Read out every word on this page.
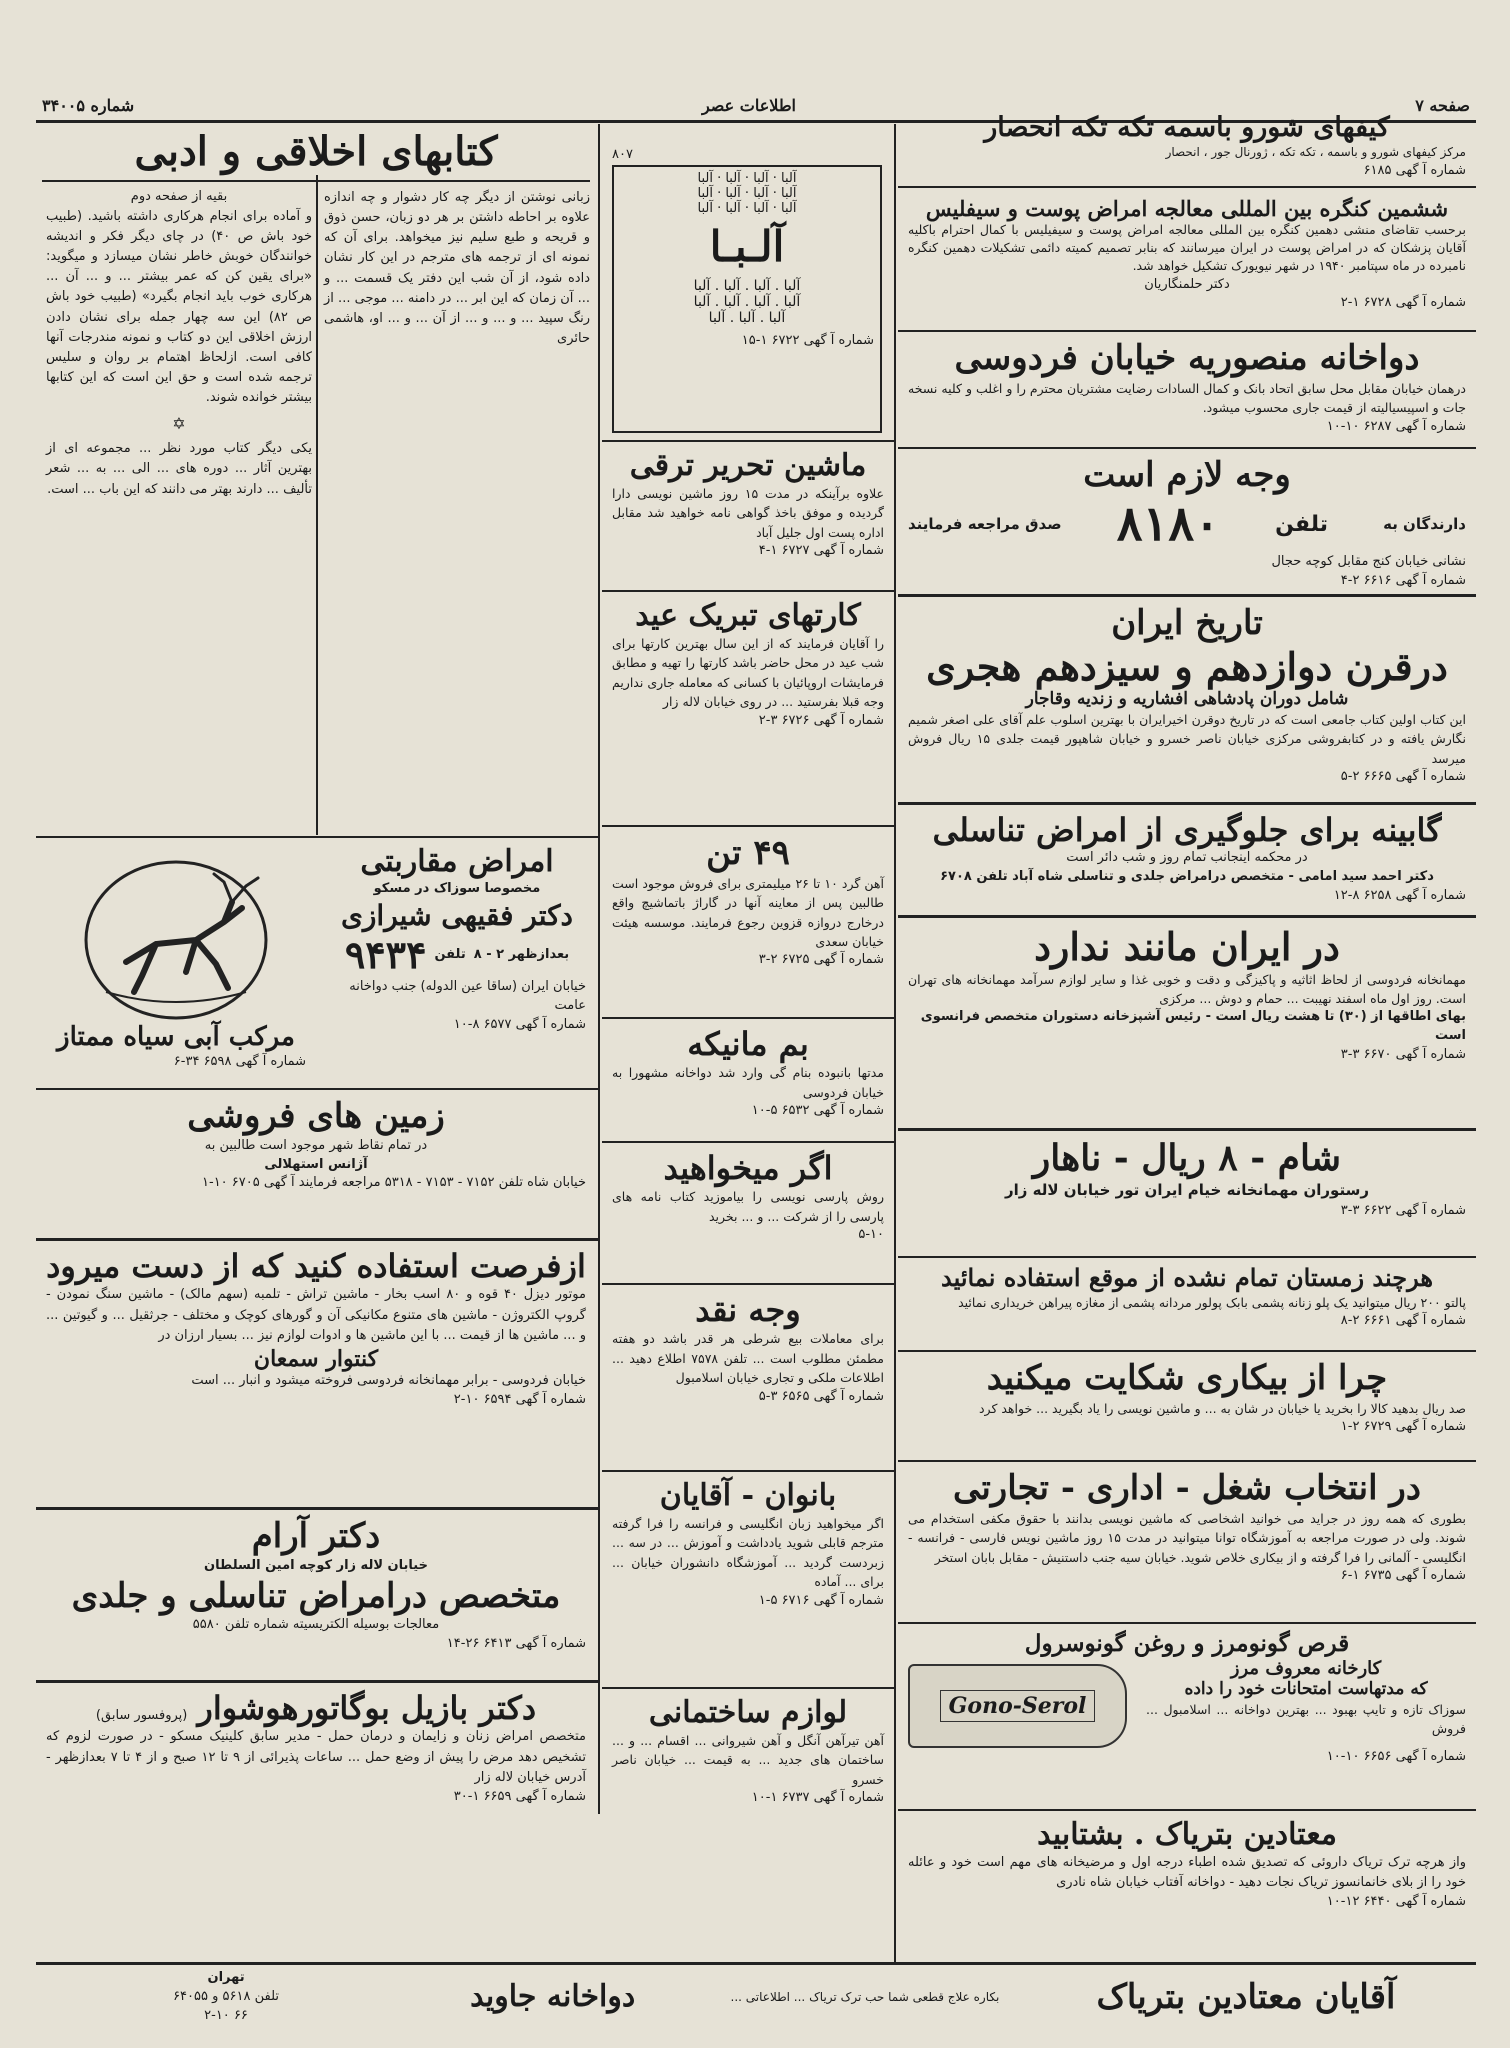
صفحه ۷
اطلاعات عصر
شماره ۳۴۰۰۵
کیفهای شورو باسمه تکه تکه انحصار
مرکز کیفهای شورو و باسمه ، تکه تکه ، ژورنال جور ، انحصار
شماره آ گهی ۶۱۸۵
ششمین کنگره بین المللی معالجه امراض پوست و سیفلیس
برحسب تقاضای منشی دهمین کنگره بین المللی معالجه امراض پوست و سیفیلیس با کمال احترام باکلیه آقایان پزشکان که در امراض پوست در ایران میرسانند که بنابر تصمیم کمیته دائمی تشکیلات دهمین کنگره نامبرده در ماه سپتامبر ۱۹۴۰ در شهر نیویورک تشکیل خواهد شد.
دکتر حلمنگاریان
شماره آ گهی ۶۷۲۸ ۱-۲
دواخانه منصوریه خیابان فردوسی
درهمان خیابان مقابل محل سابق اتحاد بانک و کمال السادات رضایت مشتریان محترم را و اغلب و کلیه نسخه جات و اسپیسیالیته از قیمت جاری محسوب میشود.
شماره آ گهی ۶۲۸۷ ۱۰-۱۰
وجه لازم است
دارندگان به
تلفن
۸۱۸۰
صدق مراجعه فرمایند
نشانی خیابان کنج مقابل کوچه حجال
شماره آ گهی ۶۶۱۶ ۲-۴
تاریخ ایران
درقرن دوازدهم و سیزدهم هجری
شامل دوران پادشاهی افشاریه و زندیه وقاجار
این کتاب اولین کتاب جامعی است که در تاریخ دوقرن اخیرایران با بهترین اسلوب علم آقای علی اصغر شمیم نگارش یافته و در کتابفروشی مرکزی خیابان ناصر خسرو و خیابان شاهپور قیمت جلدی ۱۵ ریال فروش میرسد
شماره آ گهی ۶۶۶۵ ۲-۵
گابینه برای جلوگیری از امراض تناسلی
در محکمه اینجانب تمام روز و شب دائر است
دکتر احمد سید امامی - متخصص درامراض جلدی و تناسلی شاه آباد تلفن ۶۷۰۸
شماره آ گهی ۶۲۵۸ ۸-۱۲
در ایران مانند ندارد
مهمانخانه فردوسی از لحاظ اثاثیه و پاکیزگی و دقت و خوبی غذا و سایر لوازم سرآمد مهمانخانه های تهران است. روز اول ماه اسفند نهیبت ... حمام و دوش ... مرکزی
بهای اطاقها از (۳۰) تا هشت ریال است - رئیس آشپزخانه دستوران متخصص فرانسوی است
شماره آ گهی ۶۶۷۰ ۳-۳
شام - ۸ ریال - ناهار
رستوران مهمانخانه خیام ایران تور خیابان لاله زار
شماره آ گهی ۶۶۲۲ ۳-۳
هرچند زمستان تمام نشده از موقع استفاده نمائید
پالتو ۲۰۰ ریال میتوانید یک پلو زنانه پشمی بابک پولور مردانه پشمی از مغازه پیراهن خریداری نمائید
شماره آ گهی ۶۶۶۱ ۲-۸
چرا از بیکاری شکایت میکنید
صد ریال بدهید کالا را بخرید یا خیابان در شان به ... و ماشین نویسی را یاد بگیرید ... خواهد کرد
شماره آ گهی ۶۷۲۹ ۲-۱
در انتخاب شغل - اداری - تجارتی
بطوری که همه روز در جراید می خوانید اشخاصی که ماشین نویسی بدانند با حقوق مکفی استخدام می شوند. ولی در صورت مراجعه به آموزشگاه توانا میتوانید در مدت ۱۵ روز ماشین نویس فارسی - فرانسه - انگلیسی - آلمانی را فرا گرفته و از بیکاری خلاص شوید. خیابان سیه جنب داستنیش - مقابل بابان استخر
شماره آ گهی ۶۷۳۵ ۱-۶
قرص گونومرز و روغن گونوسرول
کارخانه معروف مرز
که مدتهاست امتحانات خود را داده
سوزاک تازه و تایپ بهبود ... بهترین دواخانه ... اسلامبول ... فروش
Gono-Serol
شماره آ گهی ۶۶۵۶ ۱۰-۱۰
معتادین بتریاک . بشتابید
واز هرچه ترک تریاک داروئی که تصدیق شده اطباء درجه اول و مرضیخانه های مهم است خود و عائله خود را از بلای خانمانسوز تریاک نجات دهید - دواخانه آفتاب خیابان شاه نادری
شماره آ گهی ۶۴۴۰ ۱۲-۱۰
۸۰۷
آلبا · آلبا · آلبا · آلبا
آلبا · آلبا · آلبا · آلبا
آلبا · آلبا · آلبا · آلبا
آلـبـا
آلبا . آلبا . آلبا . آلبا
آلبا . آلبا . آلبا . آلبا
آلبا . آلبا . آلبا
شماره آ گهی ۶۷۲۲ ۱-۱۵
ماشین تحریر ترقی
علاوه برآینکه در مدت ۱۵ روز ماشین نویسی دارا گردیده و موفق باخذ گواهی نامه خواهید شد مقابل اداره پست اول جلیل آباد
شماره آ گهی ۶۷۲۷ ۱-۴
کارتهای تبریک عید
را آقایان فرمایند که از این سال بهترین کارتها برای شب عید در محل حاضر باشد کارتها را تهیه و مطابق فرمایشات اروپائیان با کسانی که معامله جاری نداریم وجه قبلا بفرستید ... در روی خیابان لاله زار
شماره آ گهی ۶۷۲۶ ۳-۲
۴۹ تن
آهن گرد ۱۰ تا ۲۶ میلیمتری برای فروش موجود است طالبین پس از معاینه آنها در گاراژ باتماشیچ واقع درخارج دروازه قزوین رجوع فرمایند. موسسه هیئت خیابان سعدی
شماره آ گهی ۶۷۲۵ ۲-۳
بم مانیکه
مدتها بانبوده بنام گی وارد شد دواخانه مشهورا به خیابان فردوسی
شماره آ گهی ۶۵۳۲ ۵-۱۰
اگر میخواهید
روش پارسی نویسی را بیاموزید کتاب نامه های پارسی را از شرکت ... و ... بخرید
۵-۱۰
وجه نقد
برای معاملات بیع شرطی هر قدر باشد دو هفته مطمئن مطلوب است ... تلفن ۷۵۷۸ اطلاع دهید ... اطلاعات ملکی و تجاری خیابان اسلامبول
شماره آ گهی ۶۵۶۵ ۳-۵
بانوان - آقایان
اگر میخواهید زبان انگلیسی و فرانسه را فرا گرفته مترجم قابلی شوید یادداشت و آموزش ... در سه ... زبردست گردید ... آموزشگاه دانشوران خیابان ... برای ... آماده
شماره آ گهی ۶۷۱۶ ۵-۱
لوازم ساختمانی
آهن تیرآهن آنگل و آهن شیروانی ... اقسام ... و ... ساختمان های جدید ... به قیمت ... خیابان ناصر خسرو
شماره آ گهی ۶۷۳۷ ۱-۱۰
کتابهای اخلاقی و ادبی
زبانی نوشتن از دیگر چه کار دشوار و چه اندازه علاوه بر احاطه داشتن بر هر دو زبان، حسن ذوق و قریحه و طبع سلیم نیز میخواهد. برای آن که نمونه ای از ترجمه های مترجم در این کار نشان داده شود، از آن شب این دفتر یک قسمت ... و ... آن زمان که این ابر ... در دامنه ... موجی ... از رنگ سپید ... و ... و ... از آن ... و ... او، هاشمی حائری
بقیه از صفحه دوم
و آماده برای انجام هرکاری داشته باشید. (طبیب خود باش ص ۴۰) در چای دیگر فکر و اندیشه خوانندگان خوبش خاطر نشان میسازد و میگوید: «برای یقین کن که عمر بیشتر ... و ... آن ... هرکاری خوب باید انجام بگیرد» (طبیب خود باش ص ۸۲) این سه چهار جمله برای نشان دادن ارزش اخلاقی این دو کتاب و نمونه مندرجات آنها کافی است. ازلحاظ اهتمام بر روان و سلیس ترجمه شده است و حق این است که این کتابها بیشتر خوانده شوند.
✡
یکی دیگر کتاب مورد نظر ... مجموعه ای از بهترین آثار ... دوره های ... الی ... به ... شعر تألیف ... دارند بهتر می دانند که این باب ... است.
مرکب آبی سیاه ممتاز
شماره آ گهی ۶۵۹۸ ۳۴-۶
امراض مقاربتی
مخصوصا سوزاک در مسکو
دکتر فقیهی شیرازی
بعدازظهر ۲ - ۸
تلفن
۹۴۳۴
خیابان ایران (ساقا عین الدوله) جنب دواخانه عامت
شماره آ گهی ۶۵۷۷ ۸-۱۰
زمین های فروشی
در تمام نقاط شهر موجود است طالبین به
آژانس استهلالی
خیابان شاه تلفن ۷۱۵۲ - ۷۱۵۳ - ۵۳۱۸ مراجعه فرمایند آ گهی ۶۷۰۵ ۱۰-۱
ازفرصت استفاده کنید که از دست میرود
موتور دیزل ۴۰ قوه و ۸۰ اسب بخار - ماشین تراش - تلمبه (سهم مالک) - ماشین سنگ نمودن - گروپ الکتروژن - ماشین های متنوع مکانیکی آن و گورهای کوچک و مختلف - جرثقیل ... و گیوتین ... و ... ماشین ها از قیمت ... با این ماشین ها و ادوات لوازم نیز ... بسیار ارزان در
کنتوار سمعان
خیابان فردوسی - برابر مهمانخانه فردوسی فروخته میشود و انبار ... است
شماره آ گهی ۶۵۹۴ ۱۰-۲
دکتر آرام
خیابان لاله زار کوچه امین السلطان
متخصص درامراض تناسلی و جلدی
معالجات بوسیله الکتریسیته شماره تلفن ۵۵۸۰
شماره آ گهی ۶۴۱۳ ۲۶-۱۴
دکتر بازیل بوگاتورهوشوار
(پروفسور سابق)
متخصص امراض زنان و زایمان و درمان حمل - مدیر سابق کلینیک مسکو - در صورت لزوم که تشخیص دهد مرض را پیش از وضع حمل ... ساعات پذیرائی از ۹ تا ۱۲ صبح و از ۴ تا ۷ بعدازظهر - آدرس خیابان لاله زار
شماره آ گهی ۶۶۵۹ ۱-۳۰
آقایان معتادین بتریاک
بکاره علاج قطعی شما حب ترک تریاک ... اطلاعاتی ...
دواخانه جاوید
تهران
تلفن ۵۶۱۸ و ۶۴۰۵۵
۶۶ ۲-۱۰
